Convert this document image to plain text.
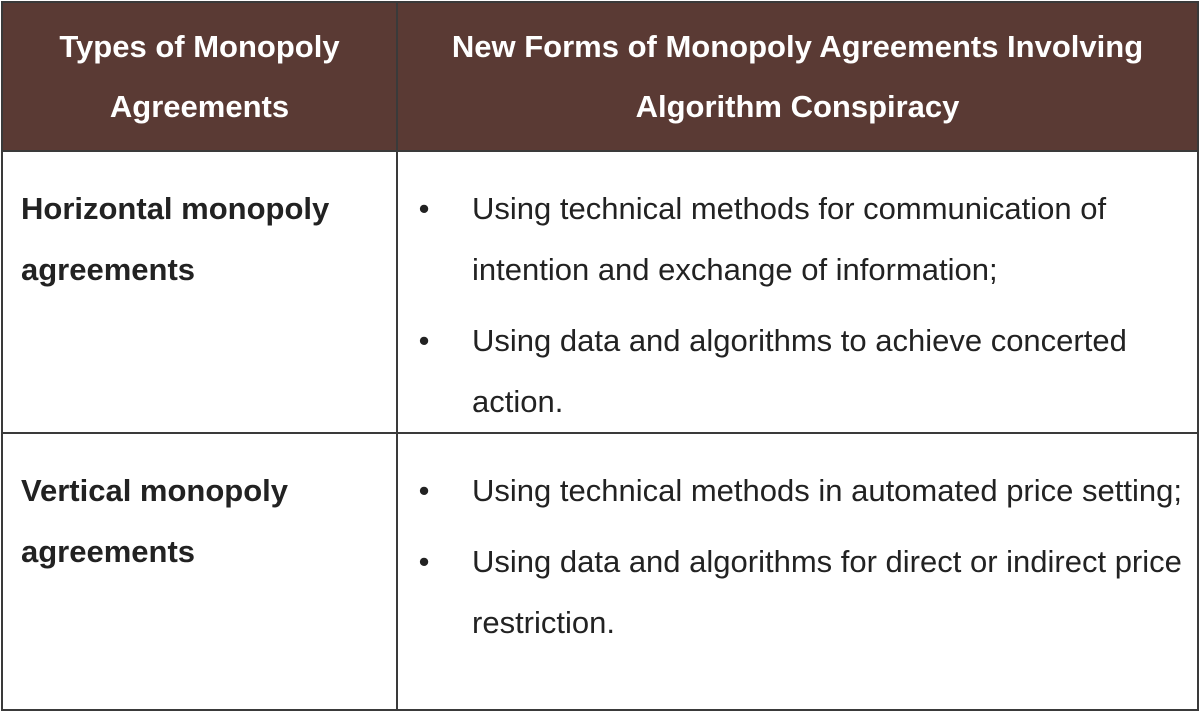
Types of Monopoly Agreements
New Forms of Monopoly Agreements Involving Algorithm Conspiracy
Horizontal monopoly agreements
• Using technical methods for communication of intention and exchange of information;
• Using data and algorithms to achieve concerted action.
Vertical monopoly agreements
• Using technical methods in automated price setting;
• Using data and algorithms for direct or indirect price restriction.
